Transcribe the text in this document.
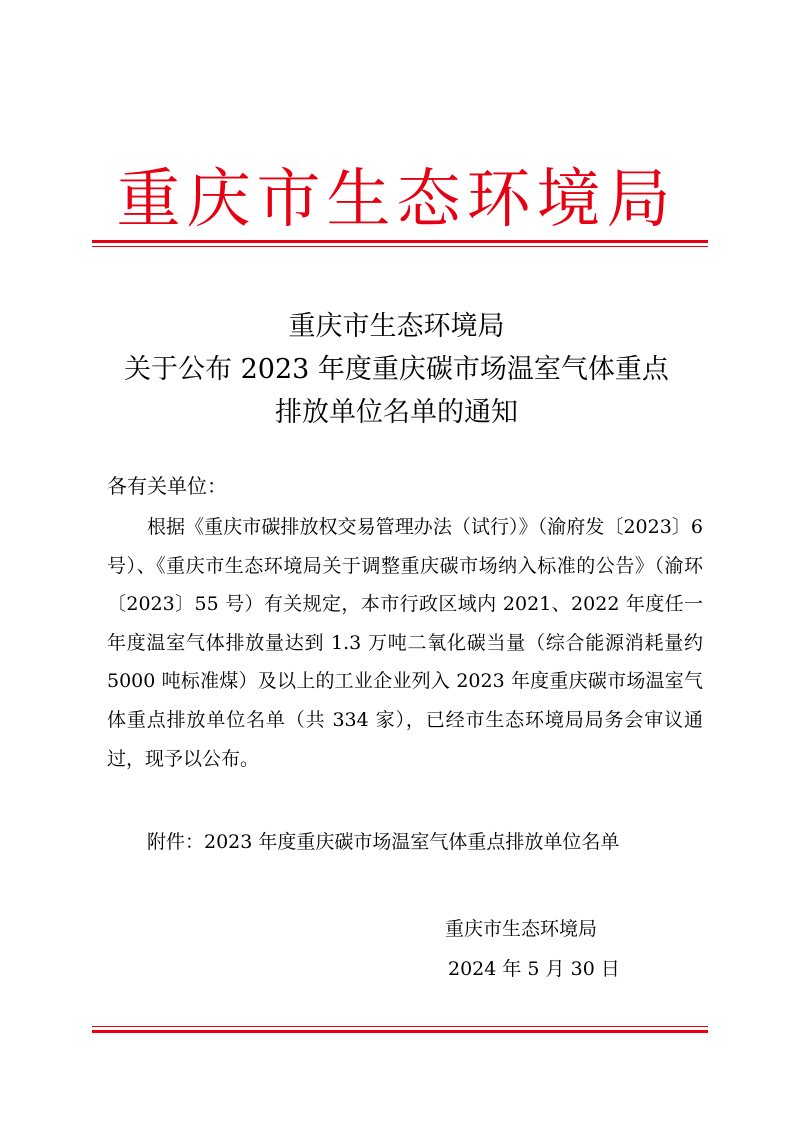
重庆市生态环境局
重庆市生态环境局
关于公布 2023 年度重庆碳市场温室气体重点
排放单位名单的通知
各有关单位：
根据《重庆市碳排放权交易管理办法（试行）》（渝府发〔2023〕6 号）、《重庆市生态环境局关于调整重庆碳市场纳入标准的公告》（渝环〔2023〕55 号）有关规定，本市行政区域内 2021、2022 年度任一年度温室气体排放量达到 1.3 万吨二氧化碳当量（综合能源消耗量约 5000 吨标准煤）及以上的工业企业列入 2023 年度重庆碳市场温室气体重点排放单位名单（共 334 家），已经市生态环境局局务会审议通过，现予以公布。
附件：2023 年度重庆碳市场温室气体重点排放单位名单
重庆市生态环境局
2024 年 5 月 30 日
